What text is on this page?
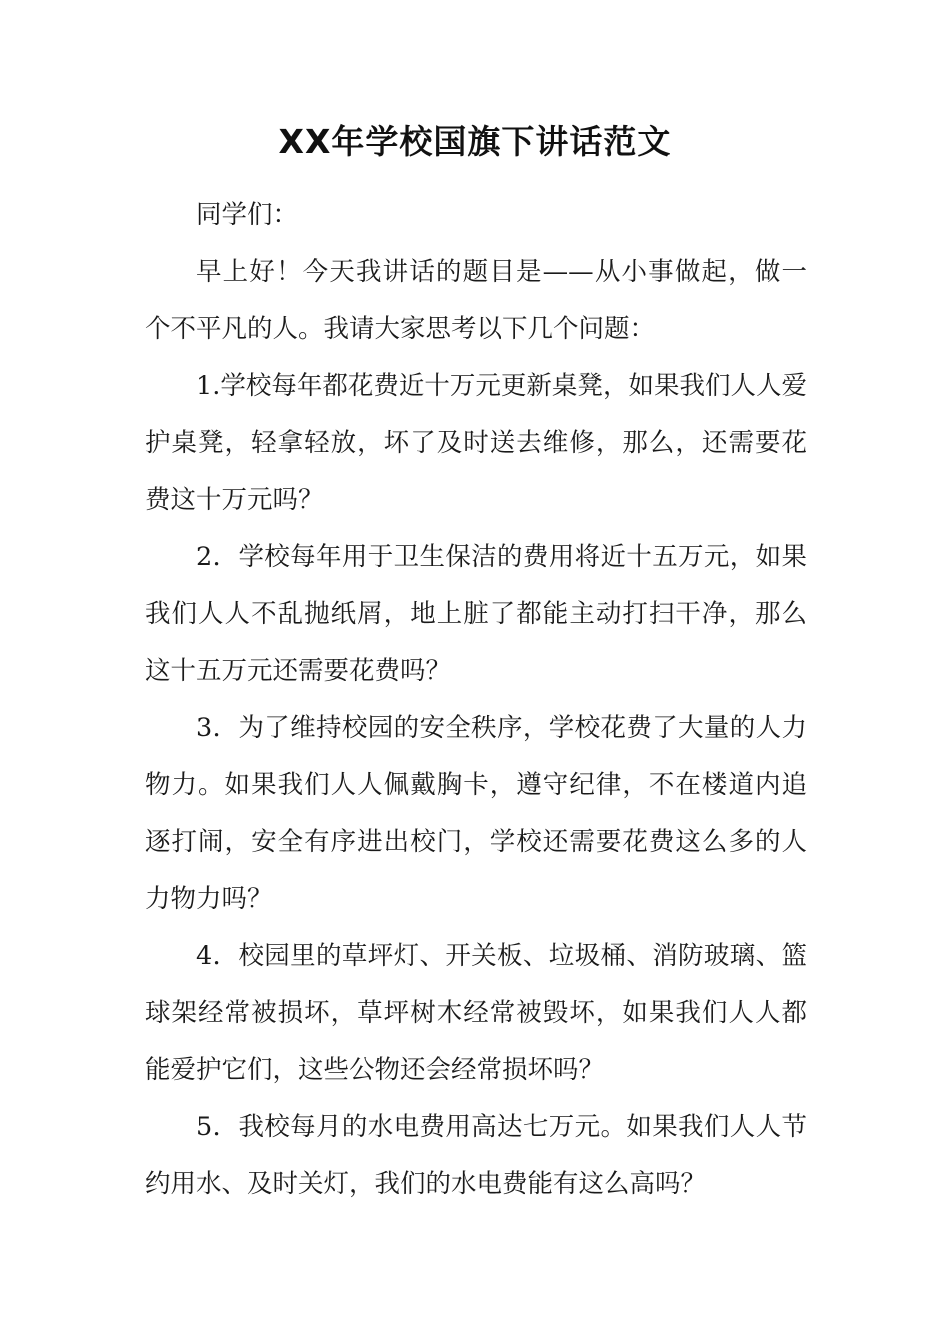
XX年学校国旗下讲话范文

同学们：

早上好！今天我讲话的题目是——从小事做起，做一个不平凡的人。我请大家思考以下几个问题：

1.学校每年都花费近十万元更新桌凳，如果我们人人爱护桌凳，轻拿轻放，坏了及时送去维修，那么，还需要花费这十万元吗？

2．学校每年用于卫生保洁的费用将近十五万元，如果我们人人不乱抛纸屑，地上脏了都能主动打扫干净，那么这十五万元还需要花费吗？

3．为了维持校园的安全秩序，学校花费了大量的人力物力。如果我们人人佩戴胸卡，遵守纪律，不在楼道内追逐打闹，安全有序进出校门，学校还需要花费这么多的人力物力吗？

4．校园里的草坪灯、开关板、垃圾桶、消防玻璃、篮球架经常被损坏，草坪树木经常被毁坏，如果我们人人都能爱护它们，这些公物还会经常损坏吗？

5．我校每月的水电费用高达七万元。如果我们人人节约用水、及时关灯，我们的水电费能有这么高吗？
